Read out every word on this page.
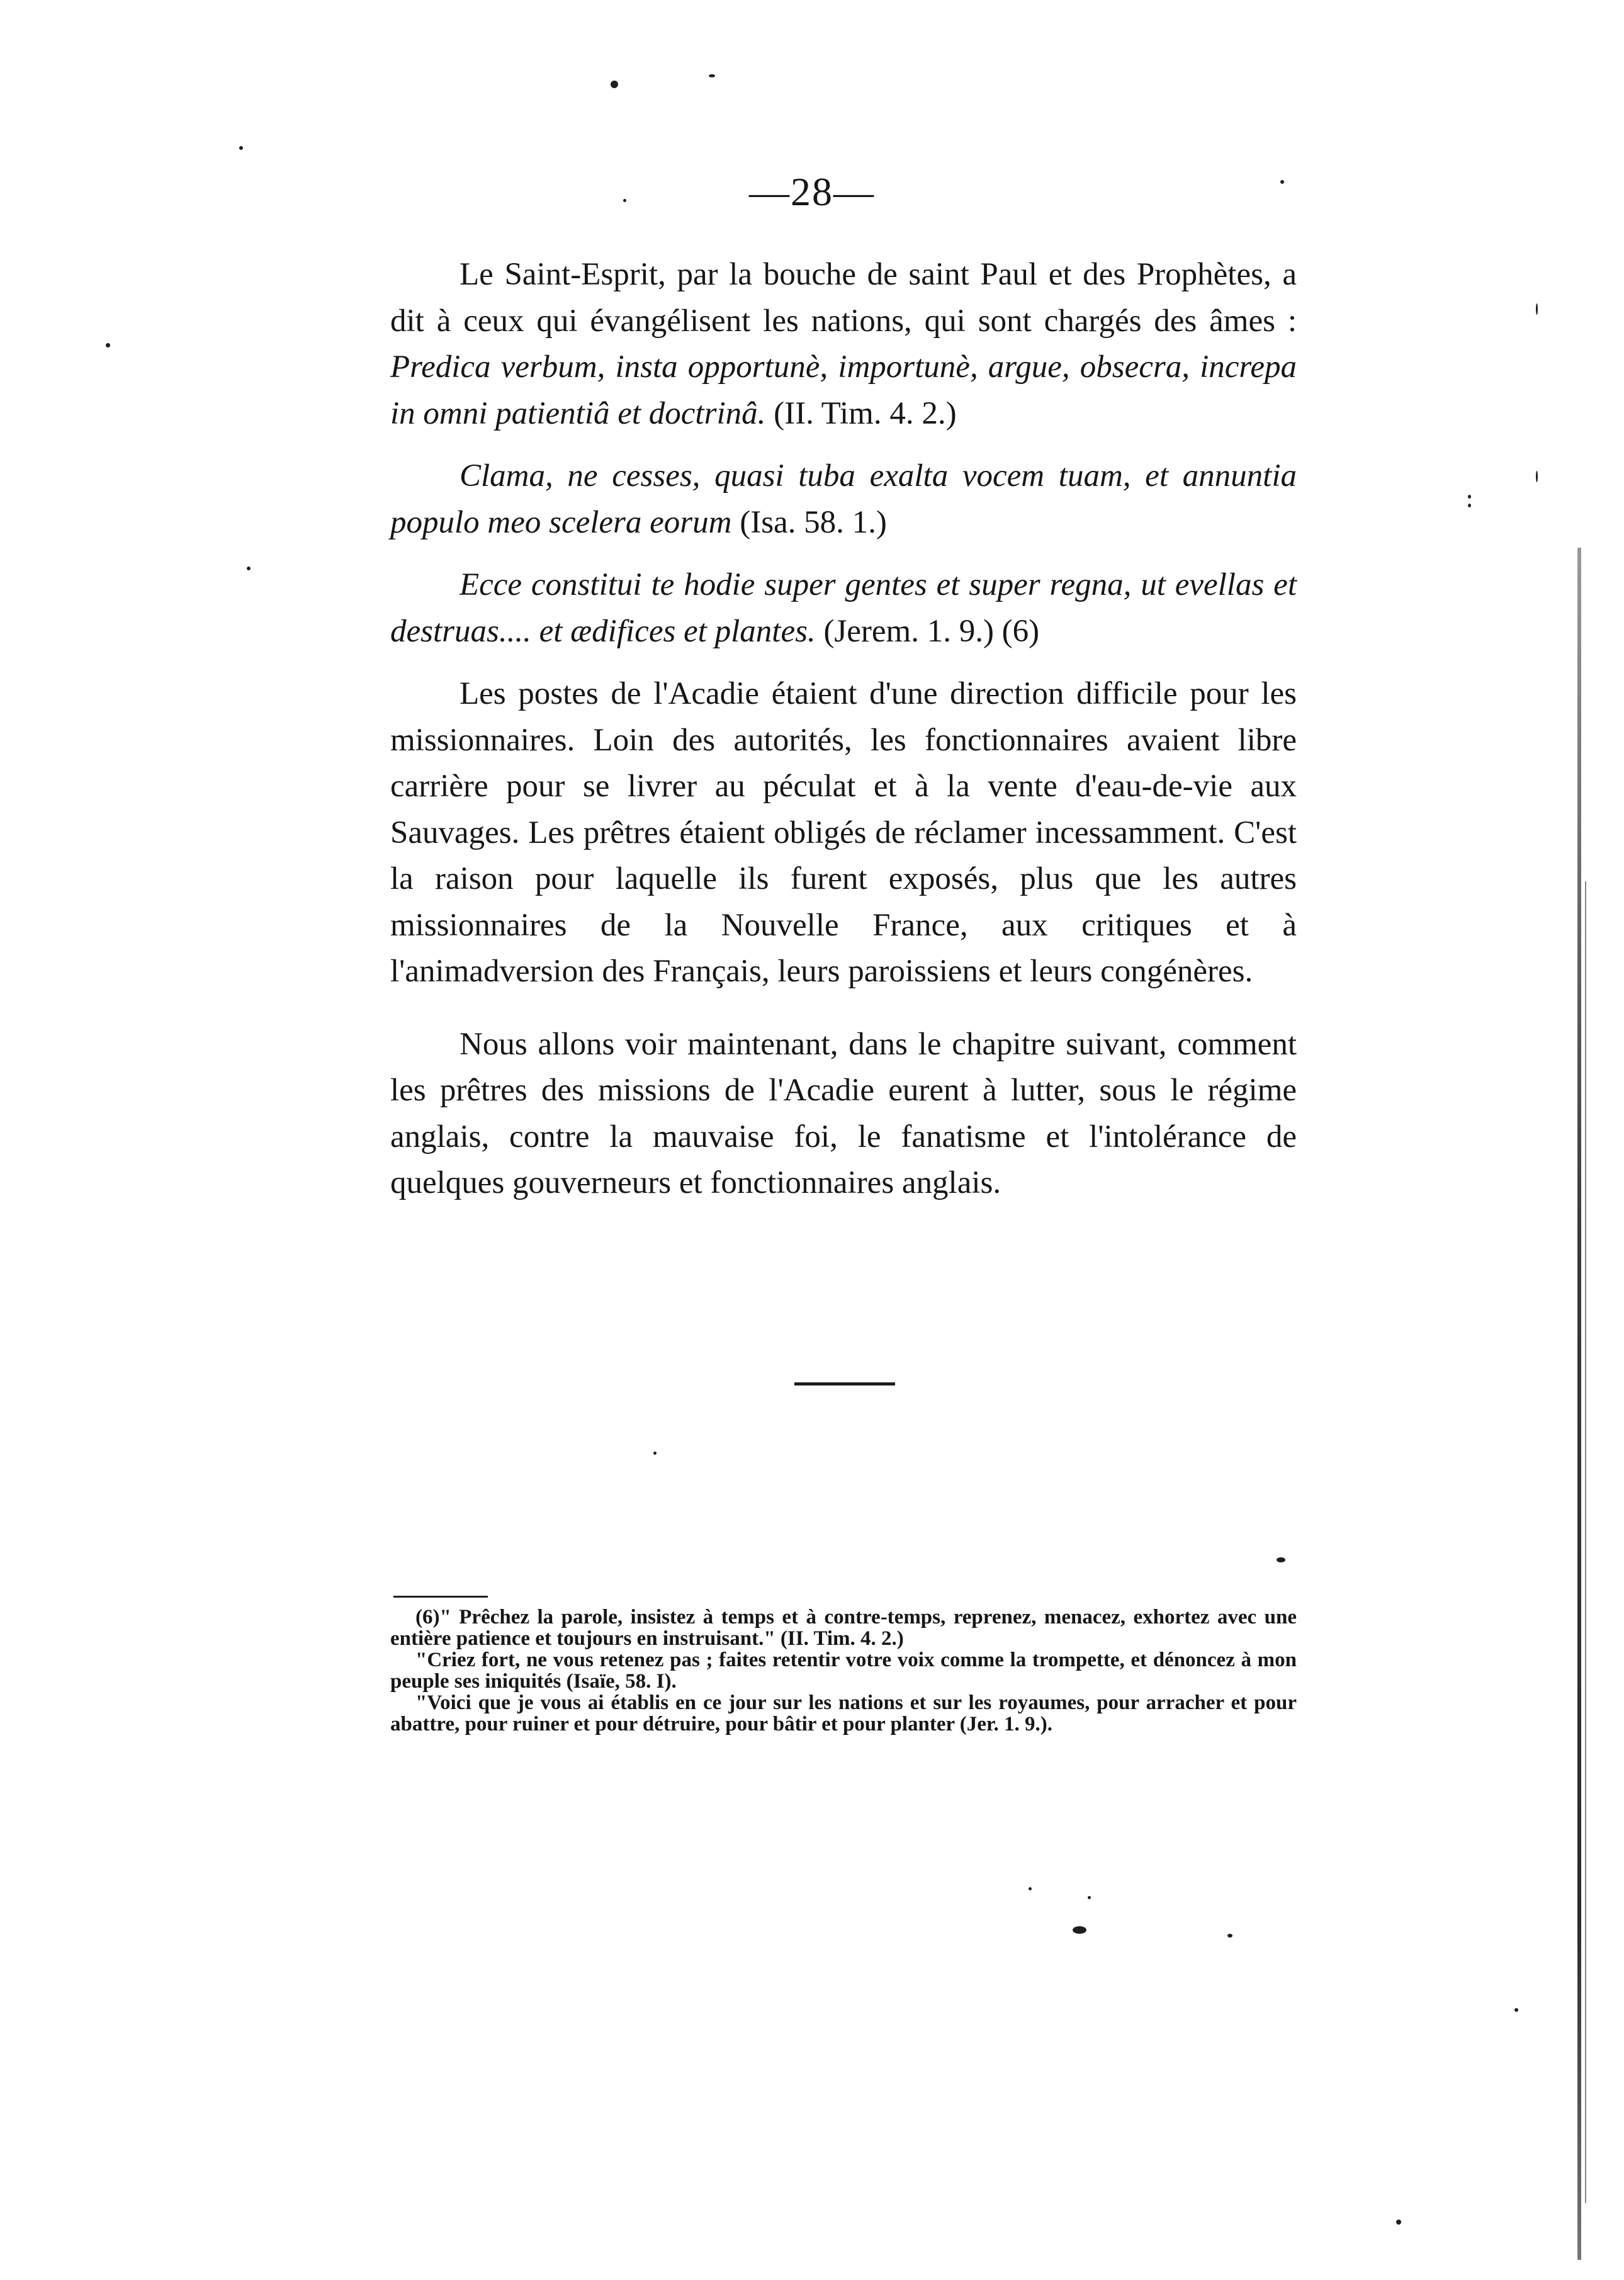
—28—

Le Saint-Esprit, par la bouche de saint Paul et des Prophètes, a dit à ceux qui évangélisent les nations, qui sont chargés des âmes : Predica verbum, insta opportunè, importunè, argue, obsecra, increpa in omni patientiâ et doctrinâ. (II. Tim. 4. 2.)

Clama, ne cesses, quasi tuba exalta vocem tuam, et annuntia populo meo scelera eorum (Isa. 58. 1.)

Ecce constitui te hodie super gentes et super regna, ut evellas et destruas.... et ædifices et plantes. (Jerem. 1. 9.) (6)

Les postes de l'Acadie étaient d'une direction difficile pour les missionnaires. Loin des autorités, les fonctionnaires avaient libre carrière pour se livrer au péculat et à la vente d'eau-de-vie aux Sauvages. Les prêtres étaient obligés de réclamer incessamment. C'est la raison pour laquelle ils furent exposés, plus que les autres missionnaires de la Nouvelle France, aux critiques et à l'animadversion des Français, leurs paroissiens et leurs congénères.

Nous allons voir maintenant, dans le chapitre suivant, comment les prêtres des missions de l'Acadie eurent à lutter, sous le régime anglais, contre la mauvaise foi, le fanatisme et l'intolérance de quelques gouverneurs et fonctionnaires anglais.

(6)" Prêchez la parole, insistez à temps et à contre-temps, reprenez, menacez, exhortez avec une entière patience et toujours en instruisant." (II. Tim. 4. 2.)

"Criez fort, ne vous retenez pas ; faites retentir votre voix comme la trompette, et dénoncez à mon peuple ses iniquités (Isaïe, 58. I).

"Voici que je vous ai établis en ce jour sur les nations et sur les royaumes, pour arracher et pour abattre, pour ruiner et pour détruire, pour bâtir et pour planter (Jer. 1. 9.).
